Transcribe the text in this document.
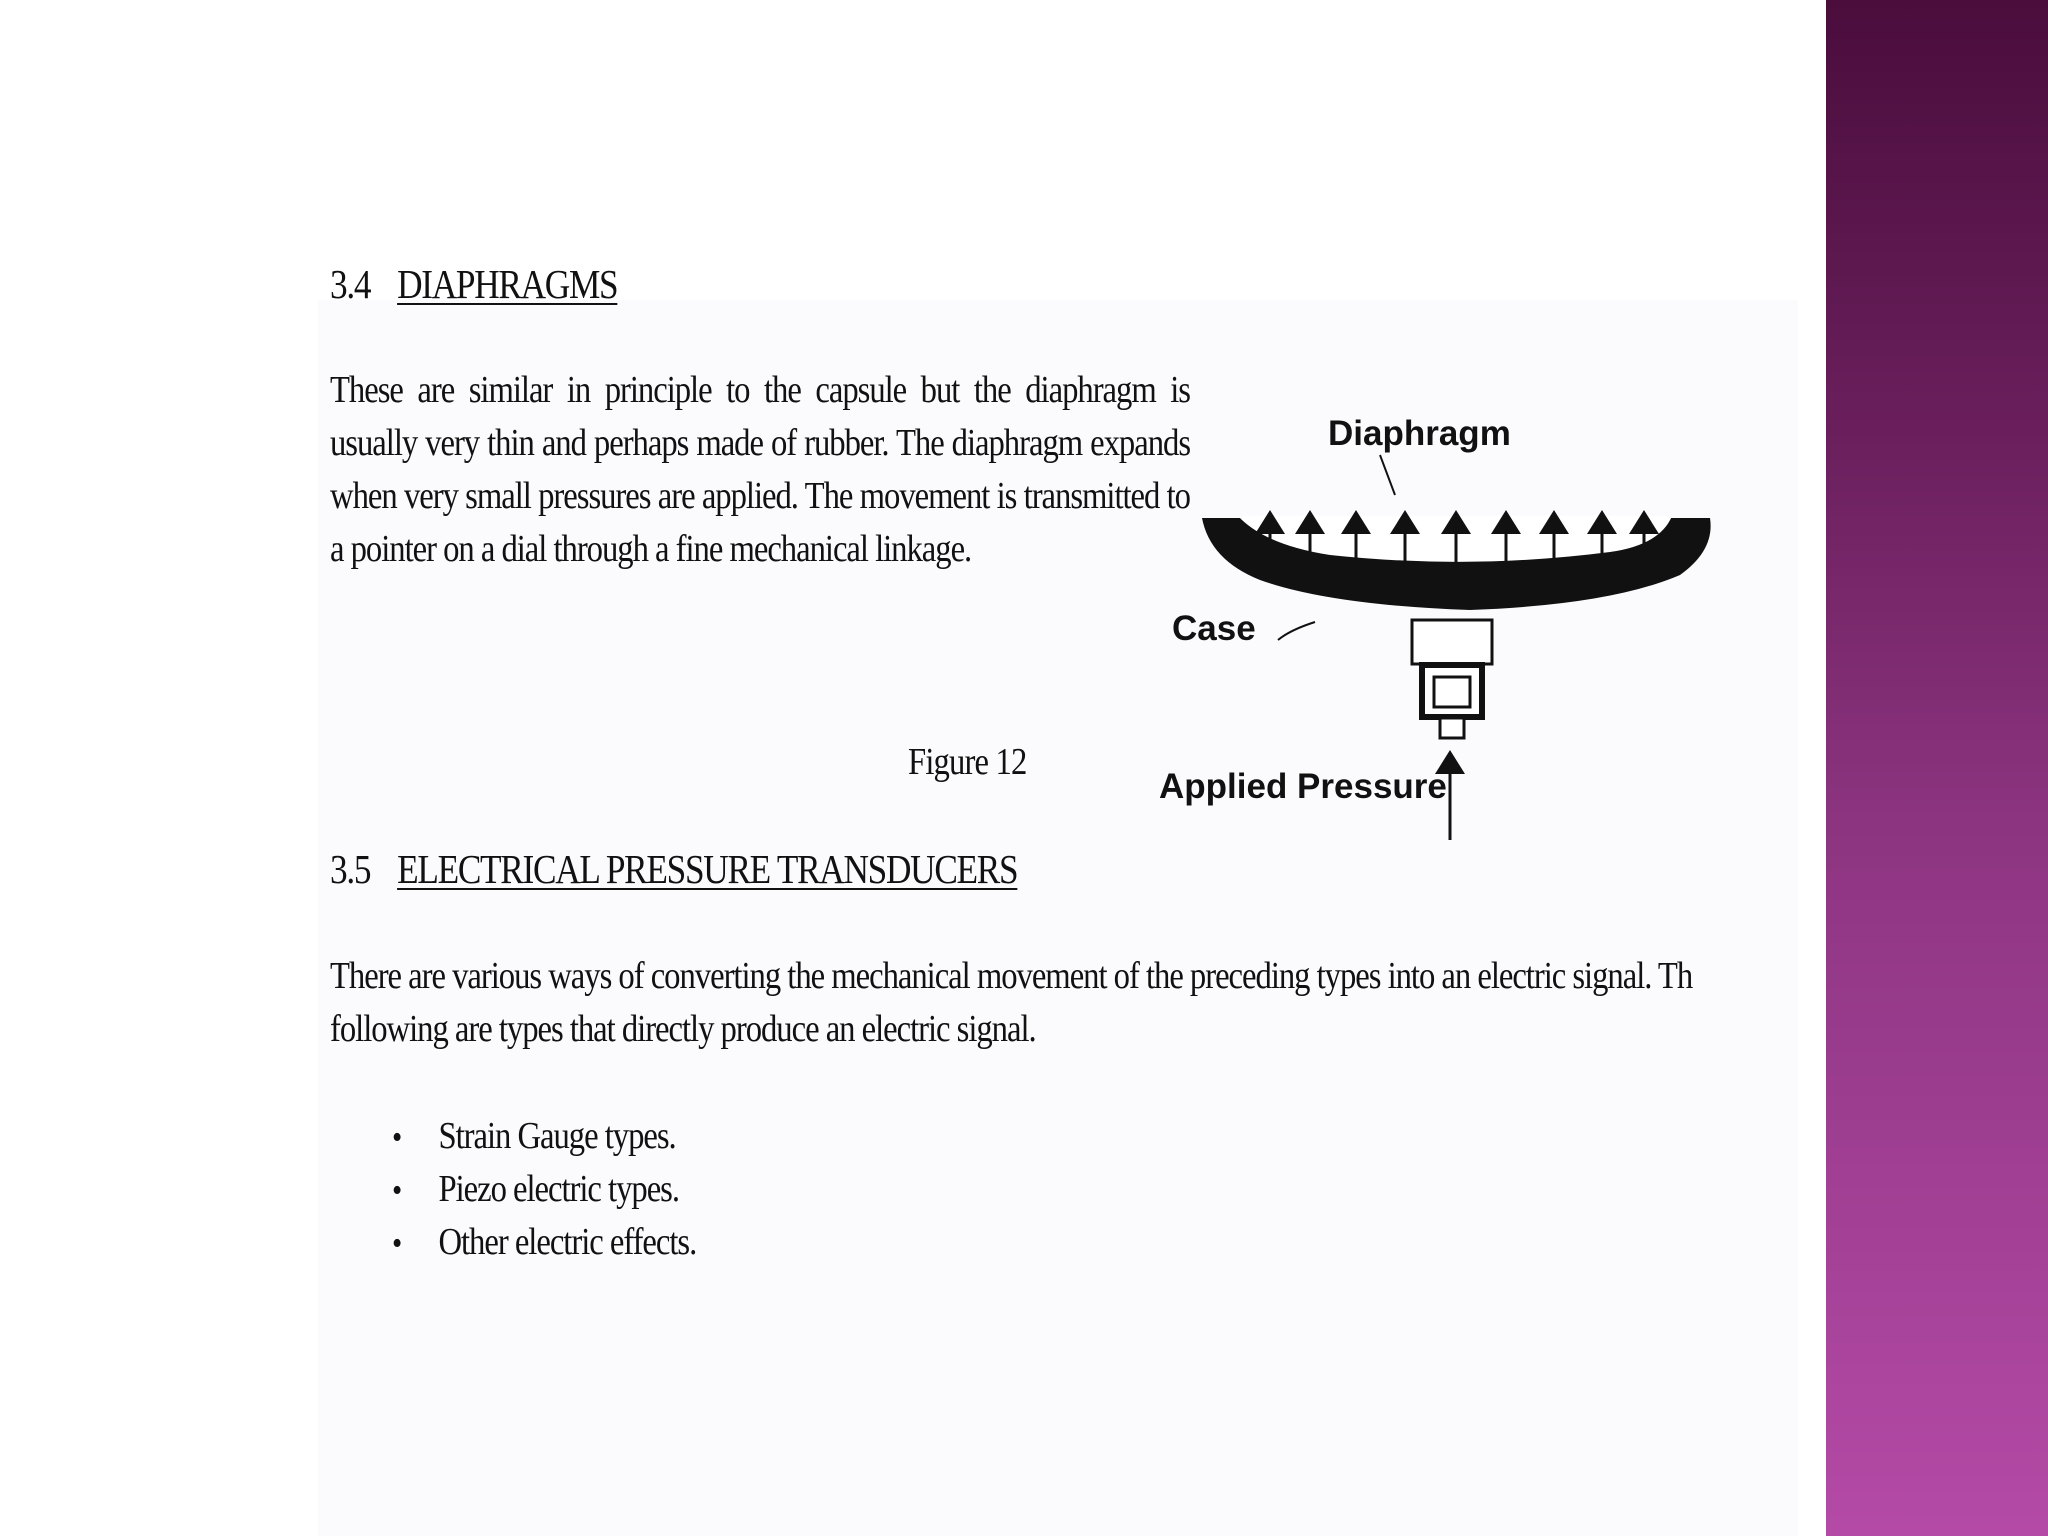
3.4 DIAPHRAGMS

These are similar in principle to the capsule but the diaphragm is usually very thin and perhaps made of rubber. The diaphragm expands when very small pressures are applied. The movement is transmitted to a pointer on a dial through a fine mechanical linkage.

Figure 12
Diaphragm
Case
Applied Pressure
3.5 ELECTRICAL PRESSURE TRANSDUCERS

There are various ways of converting the mechanical movement of the preceding types into an electric signal. Th

following are types that directly produce an electric signal.

• Strain Gauge types.
• Piezo electric types.
• Other electric effects.
